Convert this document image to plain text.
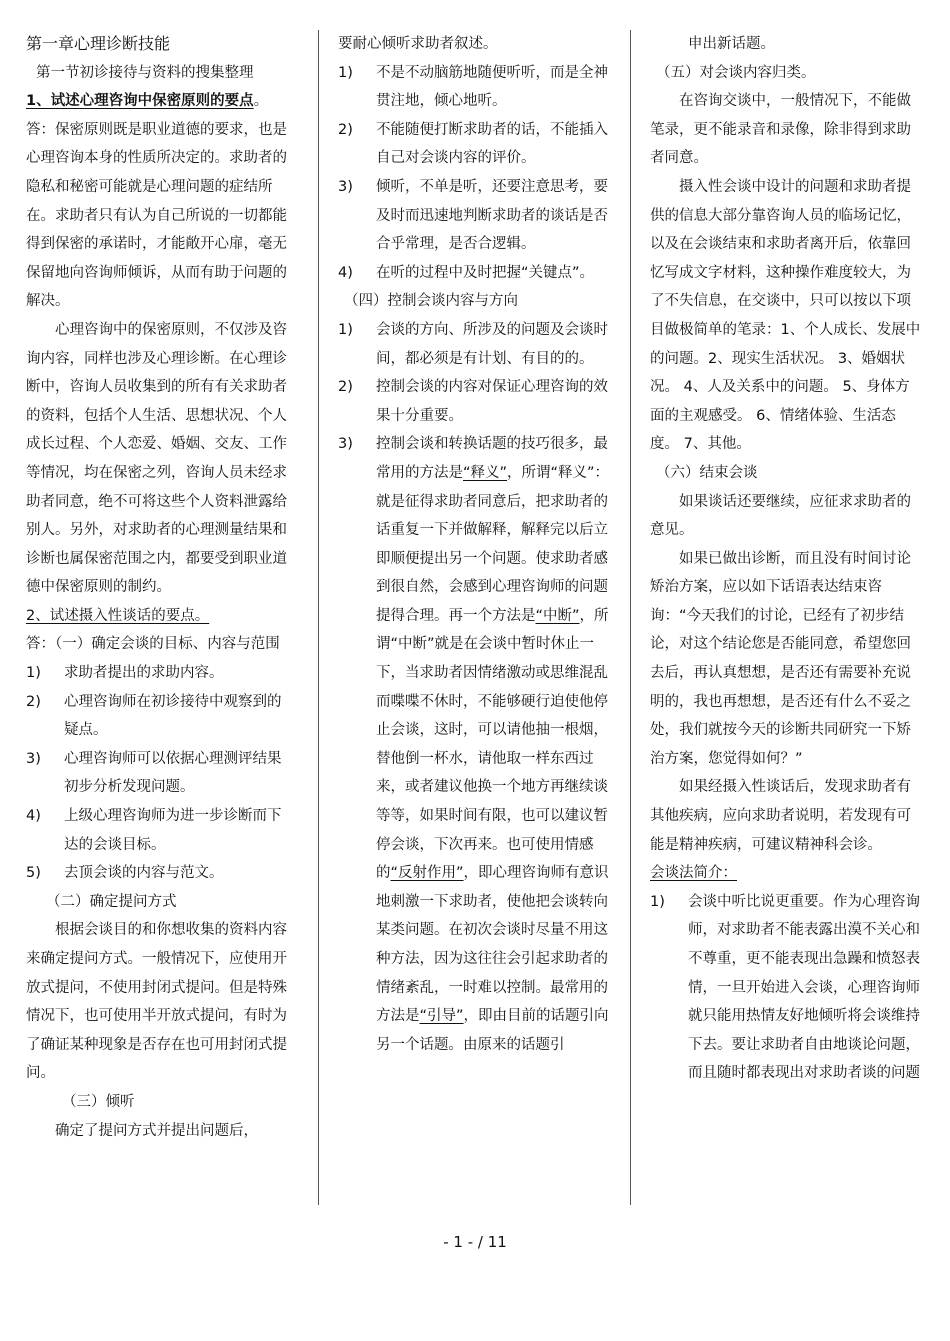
第一章心理诊断技能

第一节初诊接待与资料的搜集整理

1、试述心理咨询中保密原则的要点。

答：保密原则既是职业道德的要求，也是心理咨询本身的性质所决定的。求助者的隐私和秘密可能就是心理问题的症结所在。求助者只有认为自己所说的一切都能得到保密的承诺时，才能敞开心扉，毫无保留地向咨询师倾诉，从而有助于问题的解决。

心理咨询中的保密原则，不仅涉及咨询内容，同样也涉及心理诊断。在心理诊断中，咨询人员收集到的所有有关求助者的资料，包括个人生活、思想状况、个人成长过程、个人恋爱、婚姻、交友、工作等情况，均在保密之列，咨询人员未经求助者同意，绝不可将这些个人资料泄露给别人。另外，对求助者的心理测量结果和诊断也属保密范围之内，都要受到职业道德中保密原则的制约。

2、试述摄入性谈话的要点。

答：（一）确定会谈的目标、内容与范围

1) 求助者提出的求助内容。
2) 心理咨询师在初诊接待中观察到的疑点。
3) 心理咨询师可以依据心理测评结果初步分析发现问题。
4) 上级心理咨询师为进一步诊断而下达的会谈目标。
5) 去顶会谈的内容与范文。

（二）确定提问方式

根据会谈目的和你想收集的资料内容来确定提问方式。一般情况下，应使用开放式提问，不使用封闭式提问。但是特殊情况下，也可使用半开放式提问，有时为了确证某种现象是否存在也可用封闭式提问。

（三）倾听

确定了提问方式并提出问题后，

要耐心倾听求助者叙述。

1) 不是不动脑筋地随便听听，而是全神贯注地，倾心地听。
2) 不能随便打断求助者的话，不能插入自己对会谈内容的评价。
3) 倾听，不单是听，还要注意思考，要及时而迅速地判断求助者的谈话是否合乎常理，是否合逻辑。
4) 在听的过程中及时把握“关键点”。

（四）控制会谈内容与方向

1) 会谈的方向、所涉及的问题及会谈时间，都必须是有计划、有目的的。
2) 控制会谈的内容对保证心理咨询的效果十分重要。
3) 控制会谈和转换话题的技巧很多，最常用的方法是“释义”，所谓“释义”：就是征得求助者同意后，把求助者的话重复一下并做解释，解释完以后立即顺便提出另一个问题。使求助者感到很自然，会感到心理咨询师的问题提得合理。再一个方法是“中断”，所谓“中断”就是在会谈中暂时休止一下，当求助者因情绪激动或思维混乱而喋喋不休时，不能够硬行迫使他停止会谈，这时，可以请他抽一根烟，替他倒一杯水，请他取一样东西过来，或者建议他换一个地方再继续谈等等，如果时间有限，也可以建议暂停会谈，下次再来。也可使用情感的“反射作用”，即心理咨询师有意识地刺激一下求助者，使他把会谈转向某类问题。在初次会谈时尽量不用这种方法，因为这往往会引起求助者的情绪紊乱，一时难以控制。最常用的方法是“引导”，即由目前的话题引向另一个话题。由原来的话题引

申出新话题。

（五）对会谈内容归类。

在咨询交谈中，一般情况下，不能做笔录，更不能录音和录像，除非得到求助者同意。

摄入性会谈中设计的问题和求助者提供的信息大部分靠咨询人员的临场记忆，以及在会谈结束和求助者离开后，依靠回忆写成文字材料，这种操作难度较大，为了不失信息，在交谈中，只可以按以下项目做极简单的笔录：1、个人成长、发展中的问题。2、现实生活状况。 3、婚姻状况。 4、人及关系中的问题。 5、身体方面的主观感受。 6、情绪体验、生活态度。 7、其他。

（六）结束会谈

如果谈话还要继续，应征求求助者的意见。

如果已做出诊断，而且没有时间讨论矫治方案，应以如下话语表达结束咨询：“今天我们的讨论，已经有了初步结论，对这个结论您是否能同意，希望您回去后，再认真想想，是否还有需要补充说明的，我也再想想，是否还有什么不妥之处，我们就按今天的诊断共同研究一下矫治方案，您觉得如何？”

如果经摄入性谈话后，发现求助者有其他疾病，应向求助者说明，若发现有可能是精神疾病，可建议精神科会诊。

会谈法简介：

1) 会谈中听比说更重要。作为心理咨询师，对求助者不能表露出漠不关心和不尊重，更不能表现出急躁和愤怒表情，一旦开始进入会谈，心理咨询师就只能用热情友好地倾听将会谈维持下去。要让求助者自由地谈论问题，而且随时都表现出对求助者谈的问题
- 1 - / 11
